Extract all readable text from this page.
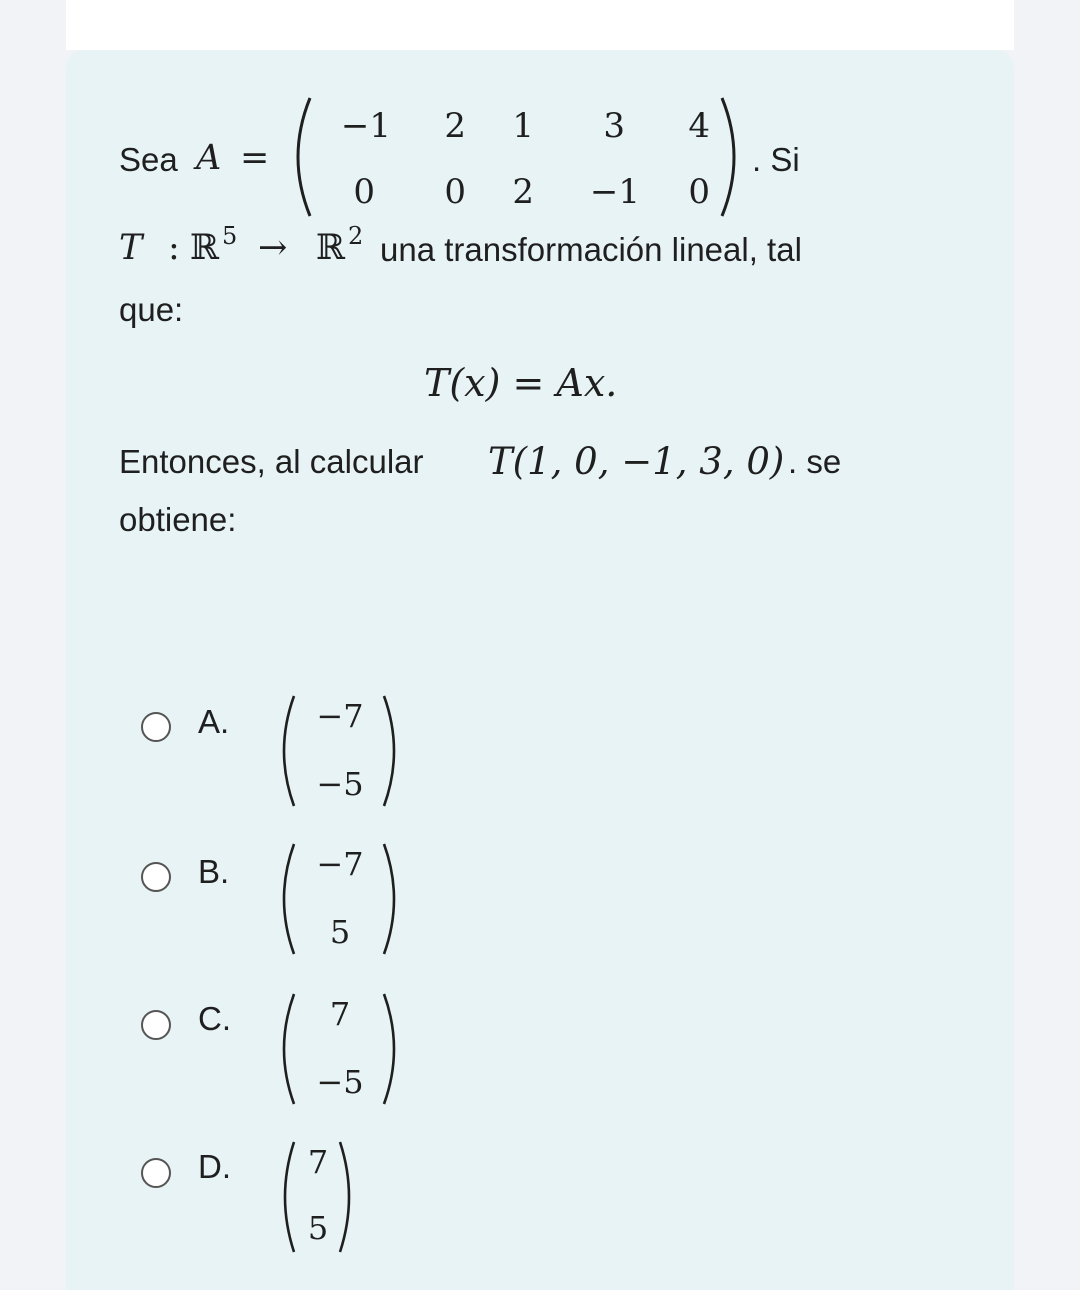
Sea A =
−1	2	1	3	4
0	0	2	−1	0
. Si
T : ℝ 5 → ℝ 2 una transformación lineal, tal
que:
T(x) = Ax.
Entonces, al calcular T(1, 0, −1, 3, 0) . se
obtiene:
A.	−7
−5
B.	−7
5
C.	7
−5
D.	7
5
